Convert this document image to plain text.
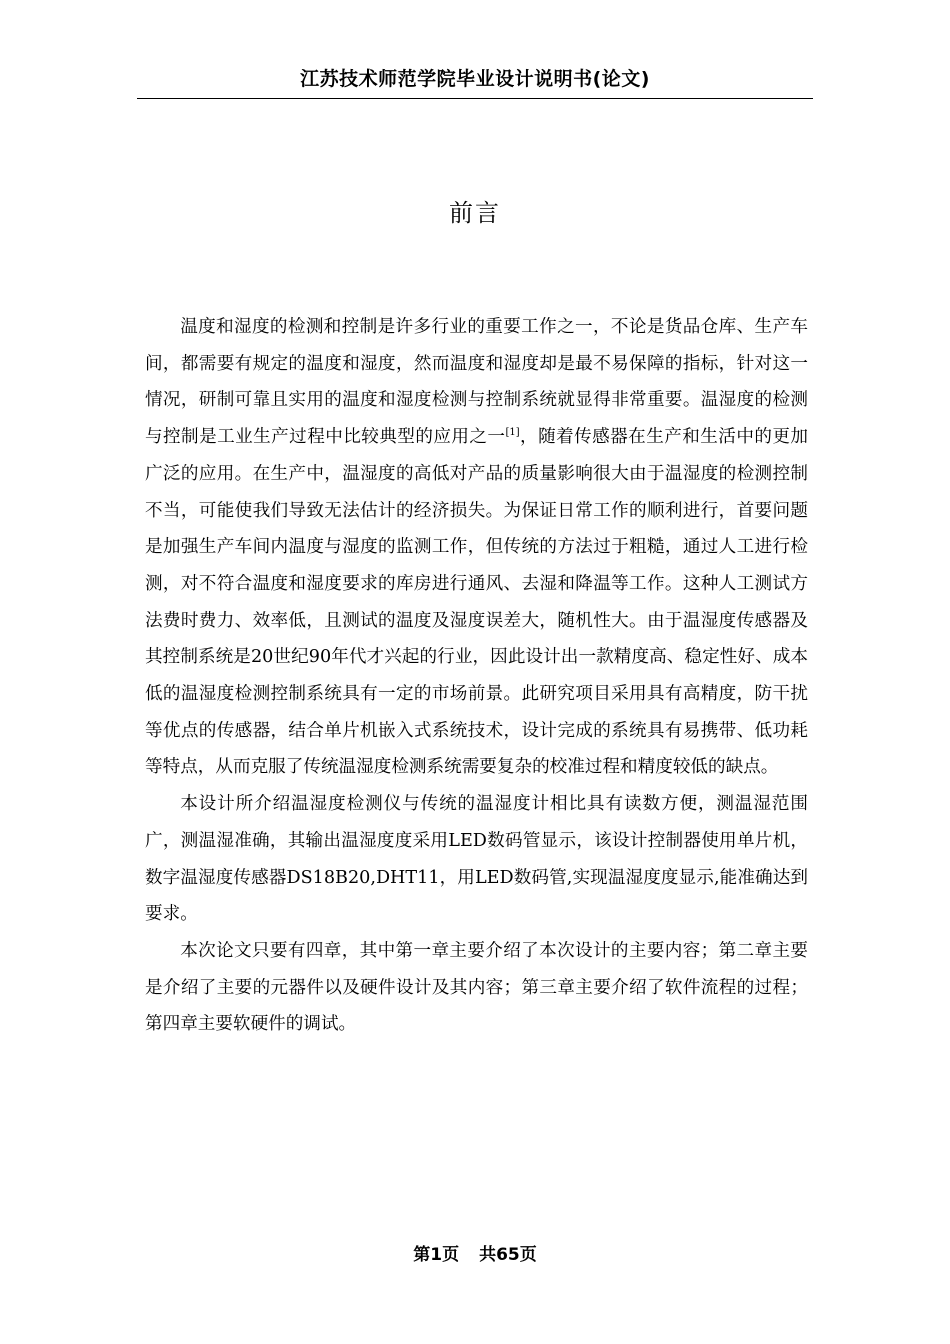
江苏技术师范学院毕业设计说明书(论文)
前言

温度和湿度的检测和控制是许多行业的重要工作之一，不论是货品仓库、生产车间，都需要有规定的温度和湿度，然而温度和湿度却是最不易保障的指标，针对这一情况，研制可靠且实用的温度和湿度检测与控制系统就显得非常重要。温湿度的检测与控制是工业生产过程中比较典型的应用之一[1]，随着传感器在生产和生活中的更加广泛的应用。在生产中，温湿度的高低对产品的质量影响很大由于温湿度的检测控制不当，可能使我们导致无法估计的经济损失。为保证日常工作的顺利进行，首要问题是加强生产车间内温度与湿度的监测工作，但传统的方法过于粗糙，通过人工进行检测，对不符合温度和湿度要求的库房进行通风、去湿和降温等工作。这种人工测试方法费时费力、效率低，且测试的温度及湿度误差大，随机性大。由于温湿度传感器及其控制系统是20世纪90年代才兴起的行业，因此设计出一款精度高、稳定性好、成本低的温湿度检测控制系统具有一定的市场前景。此研究项目采用具有高精度，防干扰等优点的传感器，结合单片机嵌入式系统技术，设计完成的系统具有易携带、低功耗等特点，从而克服了传统温湿度检测系统需要复杂的校准过程和精度较低的缺点。

本设计所介绍温湿度检测仪与传统的温湿度计相比具有读数方便，测温湿范围广，测温湿准确，其输出温湿度度采用LED数码管显示，该设计控制器使用单片机，数字温湿度传感器DS18B20,DHT11，用LED数码管,实现温湿度度显示,能准确达到要求。

本次论文只要有四章，其中第一章主要介绍了本次设计的主要内容；第二章主要是介绍了主要的元器件以及硬件设计及其内容；第三章主要介绍了软件流程的过程；第四章主要软硬件的调试。

第1页 共65页
